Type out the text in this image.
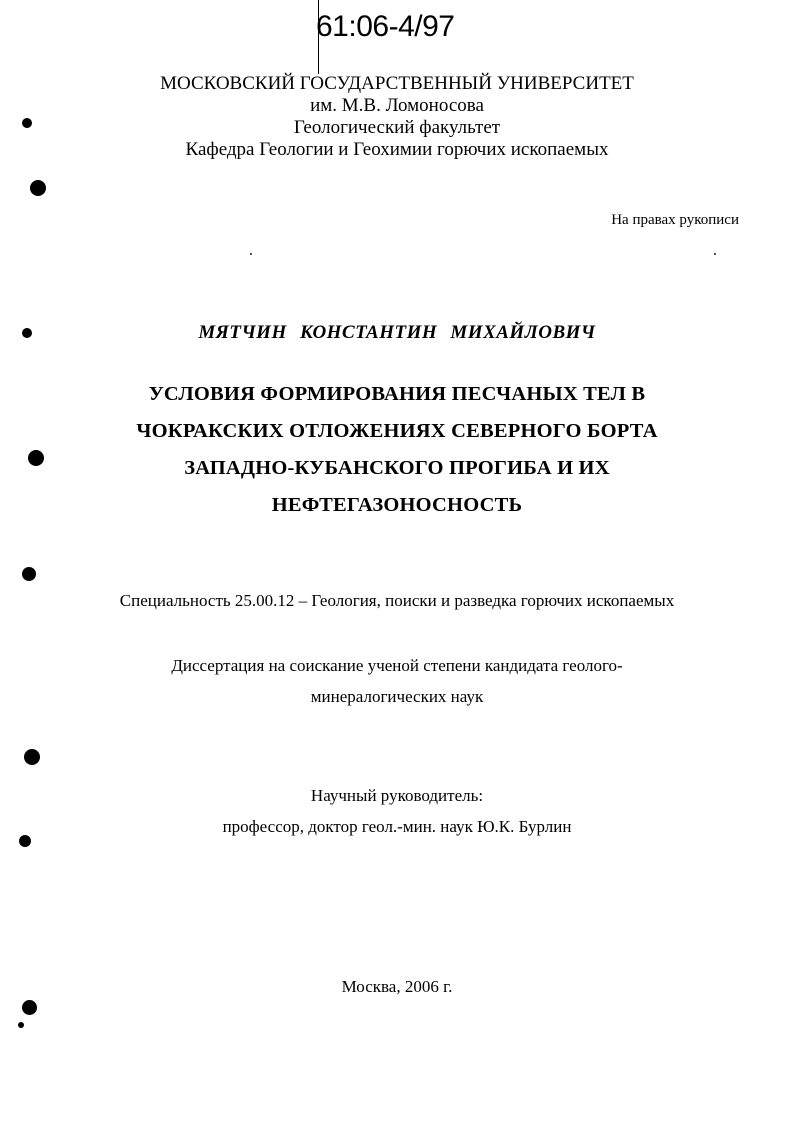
61:06-4/97
МОСКОВСКИЙ ГОСУДАРСТВЕННЫЙ УНИВЕРСИТЕТ
им. М.В. Ломоносова
Геологический факультет
Кафедра Геологии и Геохимии горючих ископаемых
На правах рукописи
МЯТЧИН КОНСТАНТИН МИХАЙЛОВИЧ
УСЛОВИЯ ФОРМИРОВАНИЯ ПЕСЧАНЫХ ТЕЛ В
ЧОКРАКСКИХ ОТЛОЖЕНИЯХ СЕВЕРНОГО БОРТА
ЗАПАДНО-КУБАНСКОГО ПРОГИБА И ИХ
НЕФТЕГАЗОНОСНОСТЬ
Специальность 25.00.12 – Геология, поиски и разведка горючих ископаемых
Диссертация на соискание ученой степени кандидата геолого-
минералогических наук
Научный руководитель:
профессор, доктор геол.-мин. наук Ю.К. Бурлин
Москва, 2006 г.
